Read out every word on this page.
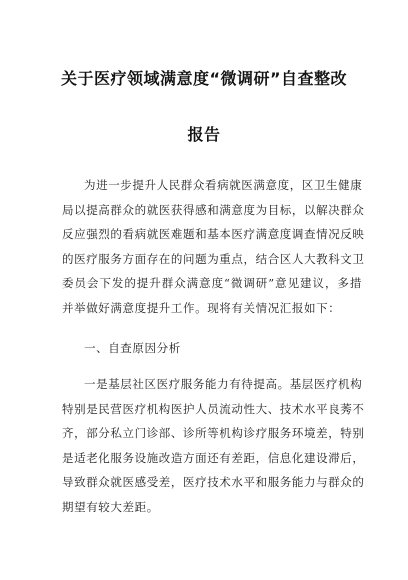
关于医疗领域满意度“微调研”自查整改
报告
为进一步提升人民群众看病就医满意度，区卫生健康
局以提高群众的就医获得感和满意度为目标，以解决群众
反应强烈的看病就医难题和基本医疗满意度调查情况反映
的医疗服务方面存在的问题为重点，结合区人大教科文卫
委员会下发的提升群众满意度“微调研”意见建议，多措
并举做好满意度提升工作。现将有关情况汇报如下：
一、自查原因分析
一是基层社区医疗服务能力有待提高。基层医疗机构
特别是民营医疗机构医护人员流动性大、技术水平良莠不
齐，部分私立门诊部、诊所等机构诊疗服务环境差，特别
是适老化服务设施改造方面还有差距，信息化建设滞后，
导致群众就医感受差，医疗技术水平和服务能力与群众的
期望有较大差距。
